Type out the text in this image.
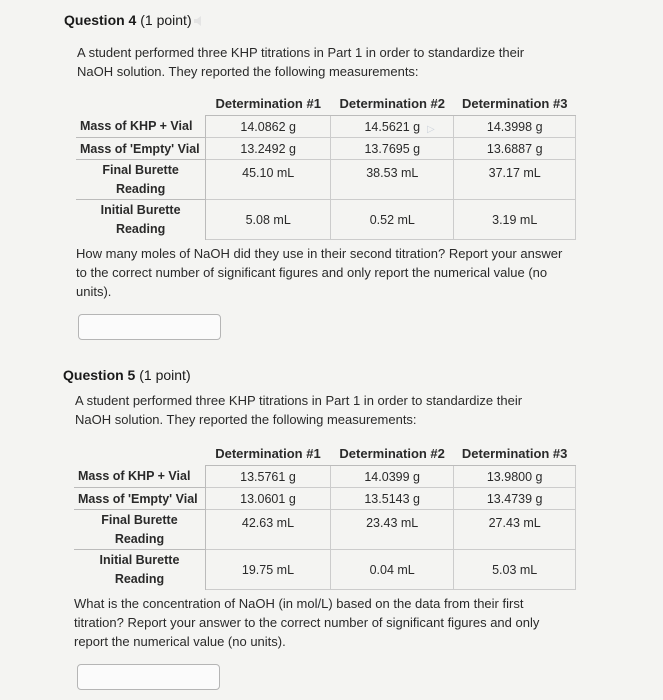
Question 4 (1 point)
A student performed three KHP titrations in Part 1 in order to standardize their
NaOH solution. They reported the following measurements:
	Determination #1	Determination #2	Determination #3
Mass of KHP + Vial	14.0862 g	14.5621 g	14.3998 g
Mass of 'Empty' Vial	13.2492 g	13.7695 g	13.6887 g

Final Burette
Reading	45.10 mL	38.53 mL	37.17 mL

Initial Burette
Reading	5.08 mL	0.52 mL	3.19 mL
▷
How many moles of NaOH did they use in their second titration? Report your answer
to the correct number of significant figures and only report the numerical value (no
units).
Question 5 (1 point)
A student performed three KHP titrations in Part 1 in order to standardize their
NaOH solution. They reported the following measurements:
	Determination #1	Determination #2	Determination #3
Mass of KHP + Vial	13.5761 g	14.0399 g	13.9800 g
Mass of 'Empty' Vial	13.0601 g	13.5143 g	13.4739 g

Final Burette
Reading	42.63 mL	23.43 mL	27.43 mL

Initial Burette
Reading	19.75 mL	0.04 mL	5.03 mL
What is the concentration of NaOH (in mol/L) based on the data from their first
titration? Report your answer to the correct number of significant figures and only
report the numerical value (no units).
